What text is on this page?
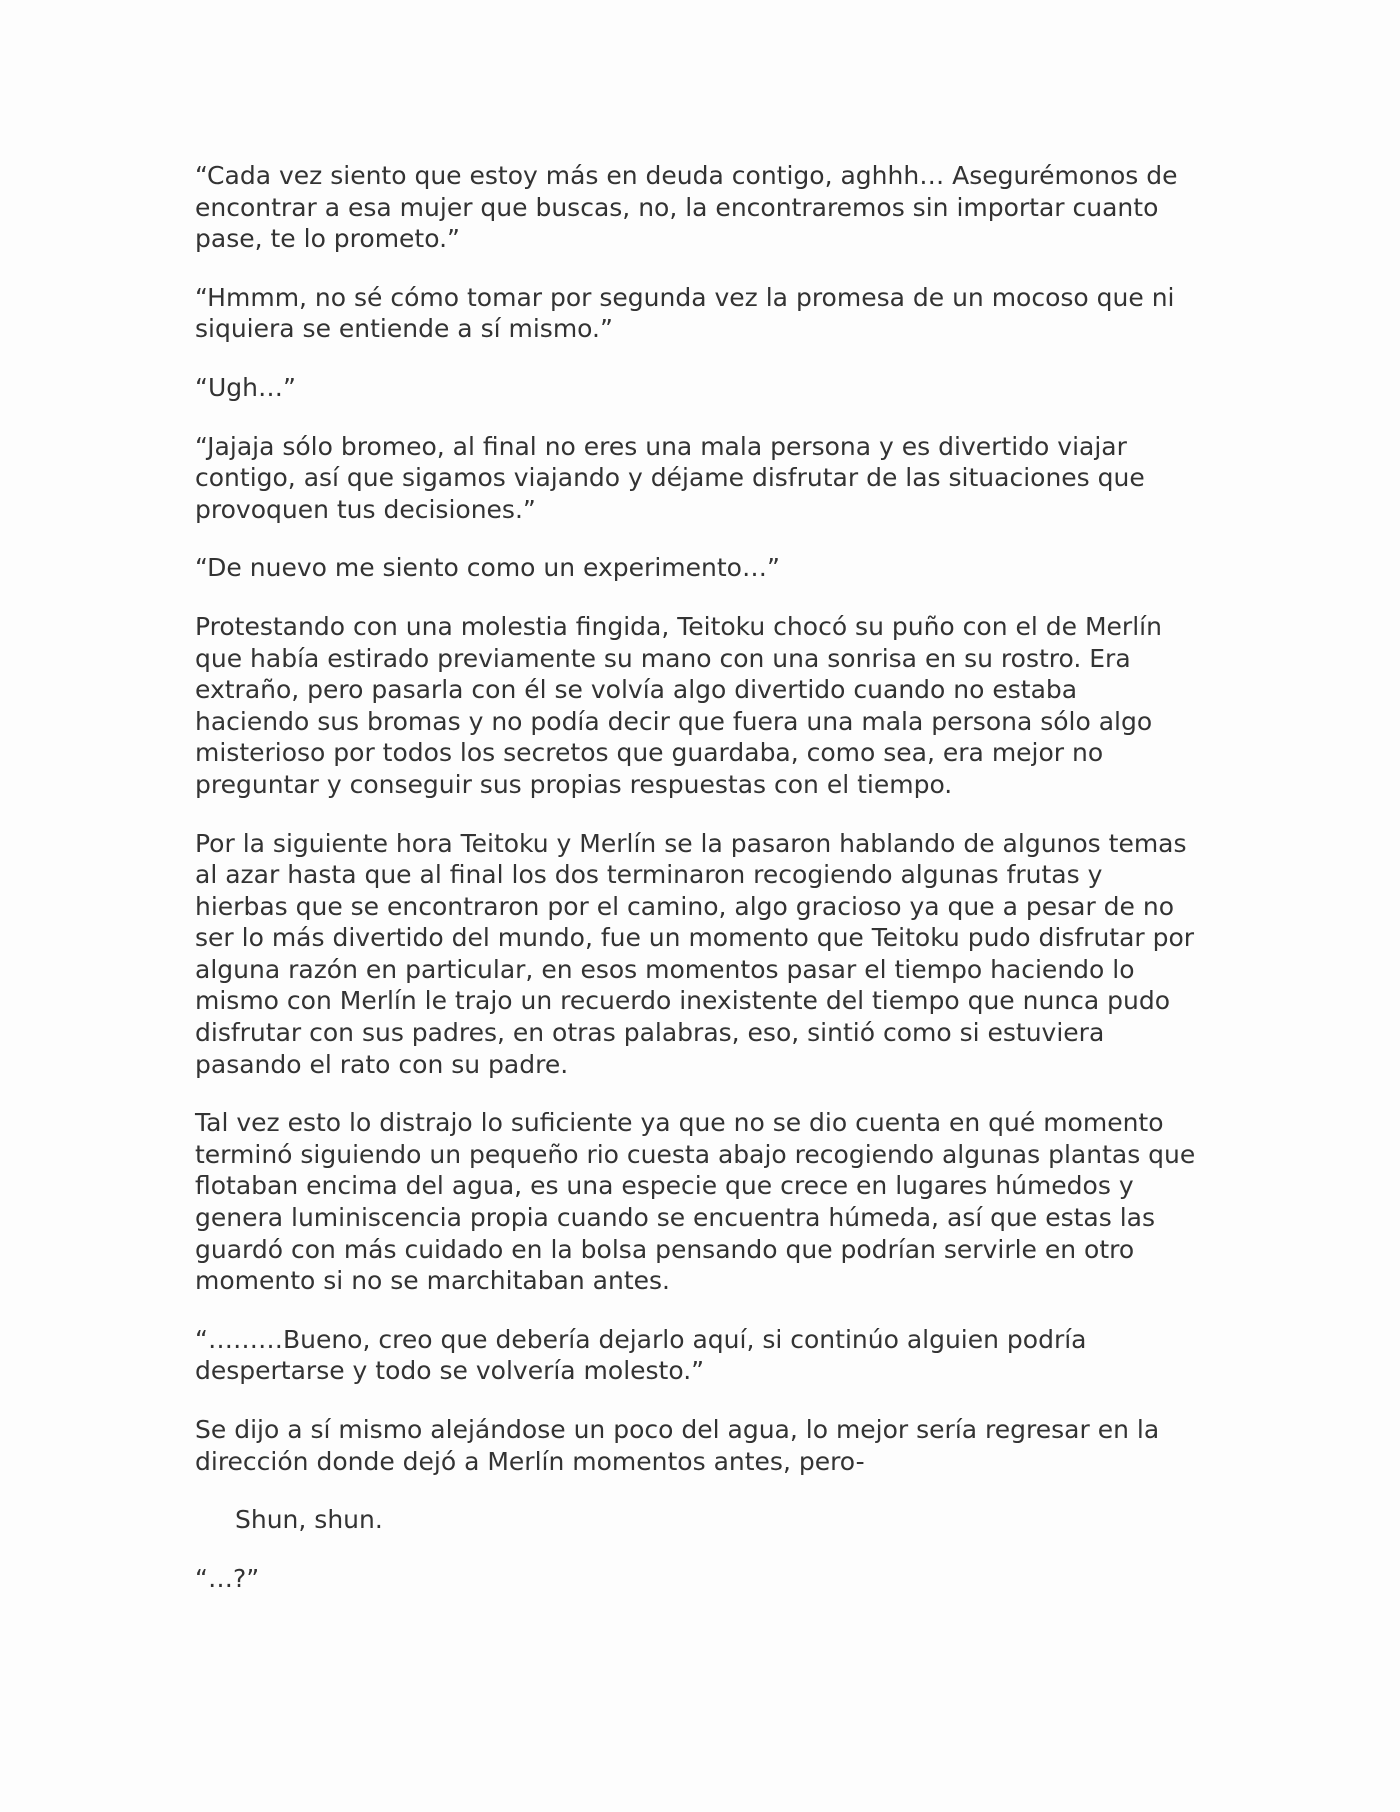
“Cada vez siento que estoy más en deuda contigo, aghhh… Asegurémonos de
encontrar a esa mujer que buscas, no, la encontraremos sin importar cuanto
pase, te lo prometo.”
“Hmmm, no sé cómo tomar por segunda vez la promesa de un mocoso que ni
siquiera se entiende a sí mismo.”
“Ugh…”
“Jajaja sólo bromeo, al final no eres una mala persona y es divertido viajar
contigo, así que sigamos viajando y déjame disfrutar de las situaciones que
provoquen tus decisiones.”
“De nuevo me siento como un experimento…”
Protestando con una molestia fingida, Teitoku chocó su puño con el de Merlín
que había estirado previamente su mano con una sonrisa en su rostro. Era
extraño, pero pasarla con él se volvía algo divertido cuando no estaba
haciendo sus bromas y no podía decir que fuera una mala persona sólo algo
misterioso por todos los secretos que guardaba, como sea, era mejor no
preguntar y conseguir sus propias respuestas con el tiempo.
Por la siguiente hora Teitoku y Merlín se la pasaron hablando de algunos temas
al azar hasta que al final los dos terminaron recogiendo algunas frutas y
hierbas que se encontraron por el camino, algo gracioso ya que a pesar de no
ser lo más divertido del mundo, fue un momento que Teitoku pudo disfrutar por
alguna razón en particular, en esos momentos pasar el tiempo haciendo lo
mismo con Merlín le trajo un recuerdo inexistente del tiempo que nunca pudo
disfrutar con sus padres, en otras palabras, eso, sintió como si estuviera
pasando el rato con su padre.
Tal vez esto lo distrajo lo suficiente ya que no se dio cuenta en qué momento
terminó siguiendo un pequeño rio cuesta abajo recogiendo algunas plantas que
flotaban encima del agua, es una especie que crece en lugares húmedos y
genera luminiscencia propia cuando se encuentra húmeda, así que estas las
guardó con más cuidado en la bolsa pensando que podrían servirle en otro
momento si no se marchitaban antes.
“………Bueno, creo que debería dejarlo aquí, si continúo alguien podría
despertarse y todo se volvería molesto.”
Se dijo a sí mismo alejándose un poco del agua, lo mejor sería regresar en la
dirección donde dejó a Merlín momentos antes, pero-
Shun, shun.
“…?”
